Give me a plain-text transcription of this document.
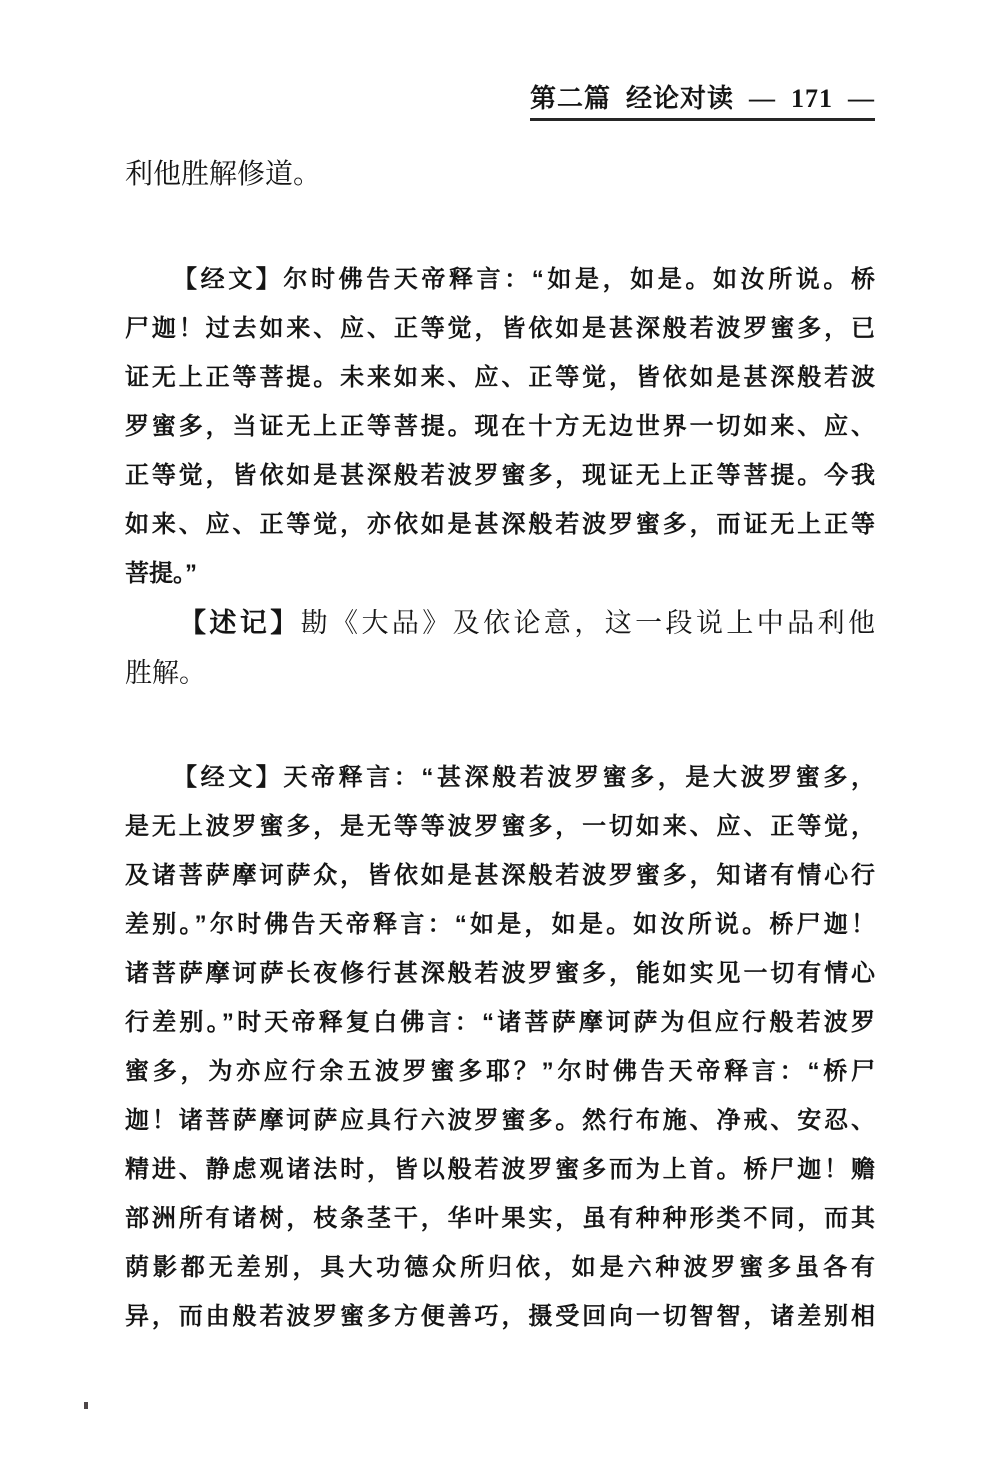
第二篇  经论对读  —  171  —
利他胜解修道。
【经文】尔时佛告天帝释言：“如是，如是。如汝所说。桥
尸迦！过去如来、应、正等觉，皆依如是甚深般若波罗蜜多，已
证无上正等菩提。未来如来、应、正等觉，皆依如是甚深般若波
罗蜜多，当证无上正等菩提。现在十方无边世界一切如来、应、
正等觉，皆依如是甚深般若波罗蜜多，现证无上正等菩提。今我
如来、应、正等觉，亦依如是甚深般若波罗蜜多，而证无上正等
菩提。”
【述记】勘《大品》及依论意，这一段说上中品利他
胜解。
【经文】天帝释言：“甚深般若波罗蜜多，是大波罗蜜多，
是无上波罗蜜多，是无等等波罗蜜多，一切如来、应、正等觉，
及诸菩萨摩诃萨众，皆依如是甚深般若波罗蜜多，知诸有情心行
差别。”尔时佛告天帝释言：“如是，如是。如汝所说。桥尸迦！
诸菩萨摩诃萨长夜修行甚深般若波罗蜜多，能如实见一切有情心
行差别。”时天帝释复白佛言：“诸菩萨摩诃萨为但应行般若波罗
蜜多，为亦应行余五波罗蜜多耶？”尔时佛告天帝释言：“桥尸
迦！诸菩萨摩诃萨应具行六波罗蜜多。然行布施、净戒、安忍、
精进、静虑观诸法时，皆以般若波罗蜜多而为上首。桥尸迦！赡
部洲所有诸树，枝条茎干，华叶果实，虽有种种形类不同，而其
荫影都无差别，具大功德众所归依，如是六种波罗蜜多虽各有
异，而由般若波罗蜜多方便善巧，摄受回向一切智智，诸差别相
